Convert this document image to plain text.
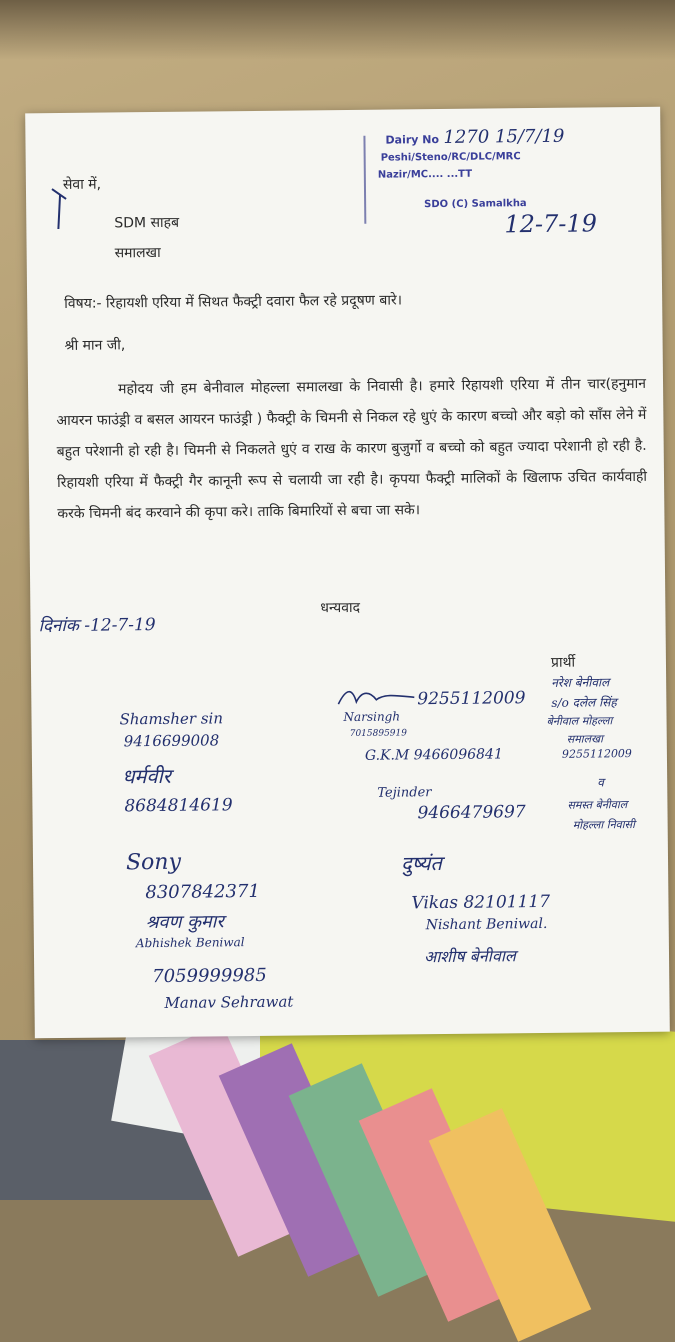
Dairy No 1270 15/7/19
Peshi/Steno/RC/DLC/MRC
Nazir/MC.... ...TT
SDO (C) Samalkha
12-7-19
सेवा में,
SDM साहब
समालखा
विषय:- रिहायशी एरिया में सिथत फैक्ट्री दवारा फैल रहे प्रदूषण बारे।
श्री मान जी,
महोदय जी हम बेनीवाल मोहल्ला समालखा के निवासी है। हमारे रिहायशी एरिया में तीन चार(हनुमान आयरन फाउंड्री व बसल आयरन फाउंड्री ) फैक्ट्री के चिमनी से निकल रहे धुएं के कारण बच्चो और बड़ो को साँस लेने में बहुत परेशानी हो रही है। चिमनी से निकलते धुएं व राख के कारण बुजुर्गो व बच्चो को बहुत ज्यादा परेशानी हो रही है. रिहायशी एरिया में फैक्ट्री गैर कानूनी रूप से चलायी जा रही है। कृपया फैक्ट्री मालिकों के खिलाफ उचित कार्यवाही करके चिमनी बंद करवाने की कृपा करे। ताकि बिमारियों से बचा जा सके।
धन्यवाद
दिनांक -12-7-19
प्रार्थी
Shamsher sin
9416699008
धर्मवीर
8684814619
Sony
8307842371
श्रवण कुमार
Abhishek Beniwal
7059999985
Manav Sehrawat
9255112009
Narsingh
7015895919
G.K.M 9466096841
Tejinder
9466479697
दुष्यंत
Vikas 82101117
Nishant Beniwal.
आशीष बेनीवाल
नरेश बेनीवाल
s/o दलेल सिंह
बेनीवाल मोहल्ला
समालखा
9255112009
व
समस्त बेनीवाल
मोहल्ला निवासी
